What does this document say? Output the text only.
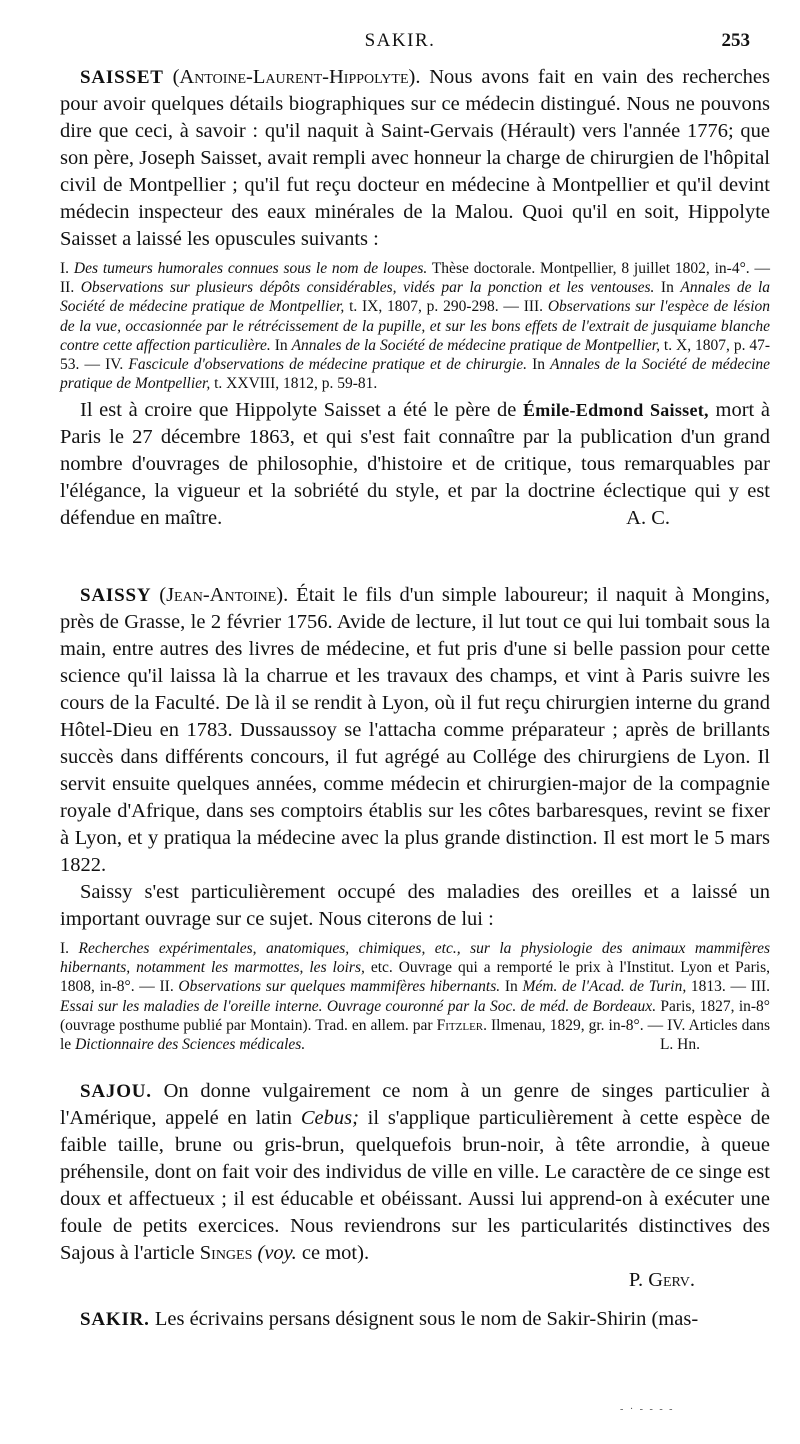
SAKIR.	253

SAISSET (Antoine-Laurent-Hippolyte). Nous avons fait en vain des recherches pour avoir quelques détails biographiques sur ce médecin distingué. Nous ne pouvons dire que ceci, à savoir : qu'il naquit à Saint-Gervais (Hérault) vers l'année 1776; que son père, Joseph Saisset, avait rempli avec honneur la charge de chirurgien de l'hôpital civil de Montpellier ; qu'il fut reçu docteur en médecine à Montpellier et qu'il devint médecin inspecteur des eaux minérales de la Malou. Quoi qu'il en soit, Hippolyte Saisset a laissé les opuscules suivants :

I. Des tumeurs humorales connues sous le nom de loupes. Thèse doctorale. Montpellier, 8 juillet 1802, in-4°. — II. Observations sur plusieurs dépôts considérables, vidés par la ponction et les ventouses. In Annales de la Société de médecine pratique de Montpellier, t. IX, 1807, p. 290-298. — III. Observations sur l'espèce de lésion de la vue, occasionnée par le rétrécissement de la pupille, et sur les bons effets de l'extrait de jusquiame blanche contre cette affection particulière. In Annales de la Société de médecine pratique de Montpellier, t. X, 1807, p. 47-53. — IV. Fascicule d'observations de médecine pratique et de chirurgie. In Annales de la Société de médecine pratique de Montpellier, t. XXVIII, 1812, p. 59-81.

Il est à croire que Hippolyte Saisset a été le père de Émile-Edmond Saisset, mort à Paris le 27 décembre 1863, et qui s'est fait connaître par la publication d'un grand nombre d'ouvrages de philosophie, d'histoire et de critique, tous remarquables par l'élégance, la vigueur et la sobriété du style, et par la doctrine éclectique qui y est défendue en maître.	A. C.

SAISSY (Jean-Antoine). Était le fils d'un simple laboureur; il naquit à Mongins, près de Grasse, le 2 février 1756. Avide de lecture, il lut tout ce qui lui tombait sous la main, entre autres des livres de médecine, et fut pris d'une si belle passion pour cette science qu'il laissa là la charrue et les travaux des champs, et vint à Paris suivre les cours de la Faculté. De là il se rendit à Lyon, où il fut reçu chirurgien interne du grand Hôtel-Dieu en 1783. Dussaussoy se l'attacha comme préparateur ; après de brillants succès dans différents concours, il fut agrégé au Collége des chirurgiens de Lyon. Il servit ensuite quelques années, comme médecin et chirurgien-major de la compagnie royale d'Afrique, dans ses comptoirs établis sur les côtes barbaresques, revint se fixer à Lyon, et y pratiqua la médecine avec la plus grande distinction. Il est mort le 5 mars 1822.

Saissy s'est particulièrement occupé des maladies des oreilles et a laissé un important ouvrage sur ce sujet. Nous citerons de lui :

I. Recherches expérimentales, anatomiques, chimiques, etc., sur la physiologie des animaux mammifères hibernants, notamment les marmottes, les loirs, etc. Ouvrage qui a remporté le prix à l'Institut. Lyon et Paris, 1808, in-8°. — II. Observations sur quelques mammifères hibernants. In Mém. de l'Acad. de Turin, 1813. — III. Essai sur les maladies de l'oreille interne. Ouvrage couronné par la Soc. de méd. de Bordeaux. Paris, 1827, in-8° (ouvrage posthume publié par Montain). Trad. en allem. par Fitzler. Ilmenau, 1829, gr. in-8°. — IV. Articles dans le Dictionnaire des Sciences médicales.	L. Hn.

SAJOU. On donne vulgairement ce nom à un genre de singes particulier à l'Amérique, appelé en latin Cebus; il s'applique particulièrement à cette espèce de faible taille, brune ou gris-brun, quelquefois brun-noir, à tête arrondie, à queue préhensile, dont on fait voir des individus de ville en ville. Le caractère de ce singe est doux et affectueux ; il est éducable et obéissant. Aussi lui apprend-on à exécuter une foule de petits exercices. Nous reviendrons sur les particularités distinctives des Sajous à l'article Singes (voy. ce mot).

P. Gerv.

SAKIR. Les écrivains persans désignent sous le nom de Sakir-Shirin (mas-

- · - - - -
